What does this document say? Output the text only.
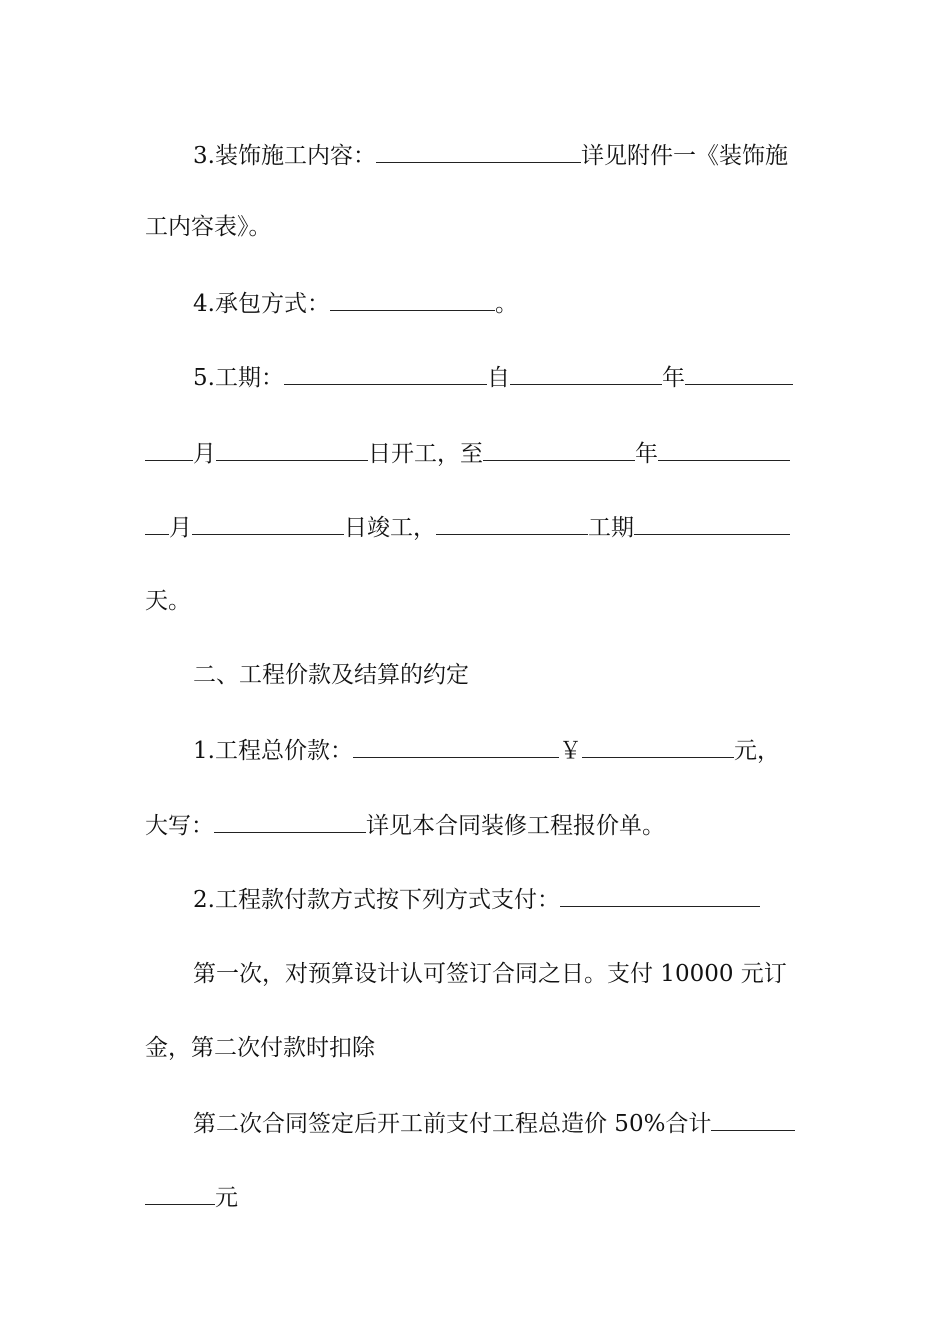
3.装饰施工内容：	详见附件一《装饰施
工内容表》。
4.承包方式：	。
5.工期：	自	年
月	日开工，至	年
月	日竣工，	工期
天。
二、工程价款及结算的约定
1.工程总价款：	￥	元，
大写：	详见本合同装修工程报价单。
2.工程款付款方式按下列方式支付：
第一次，对预算设计认可签订合同之日。支付 10000 元订
金，第二次付款时扣除
第二次合同签定后开工前支付工程总造价 50%合计
元
